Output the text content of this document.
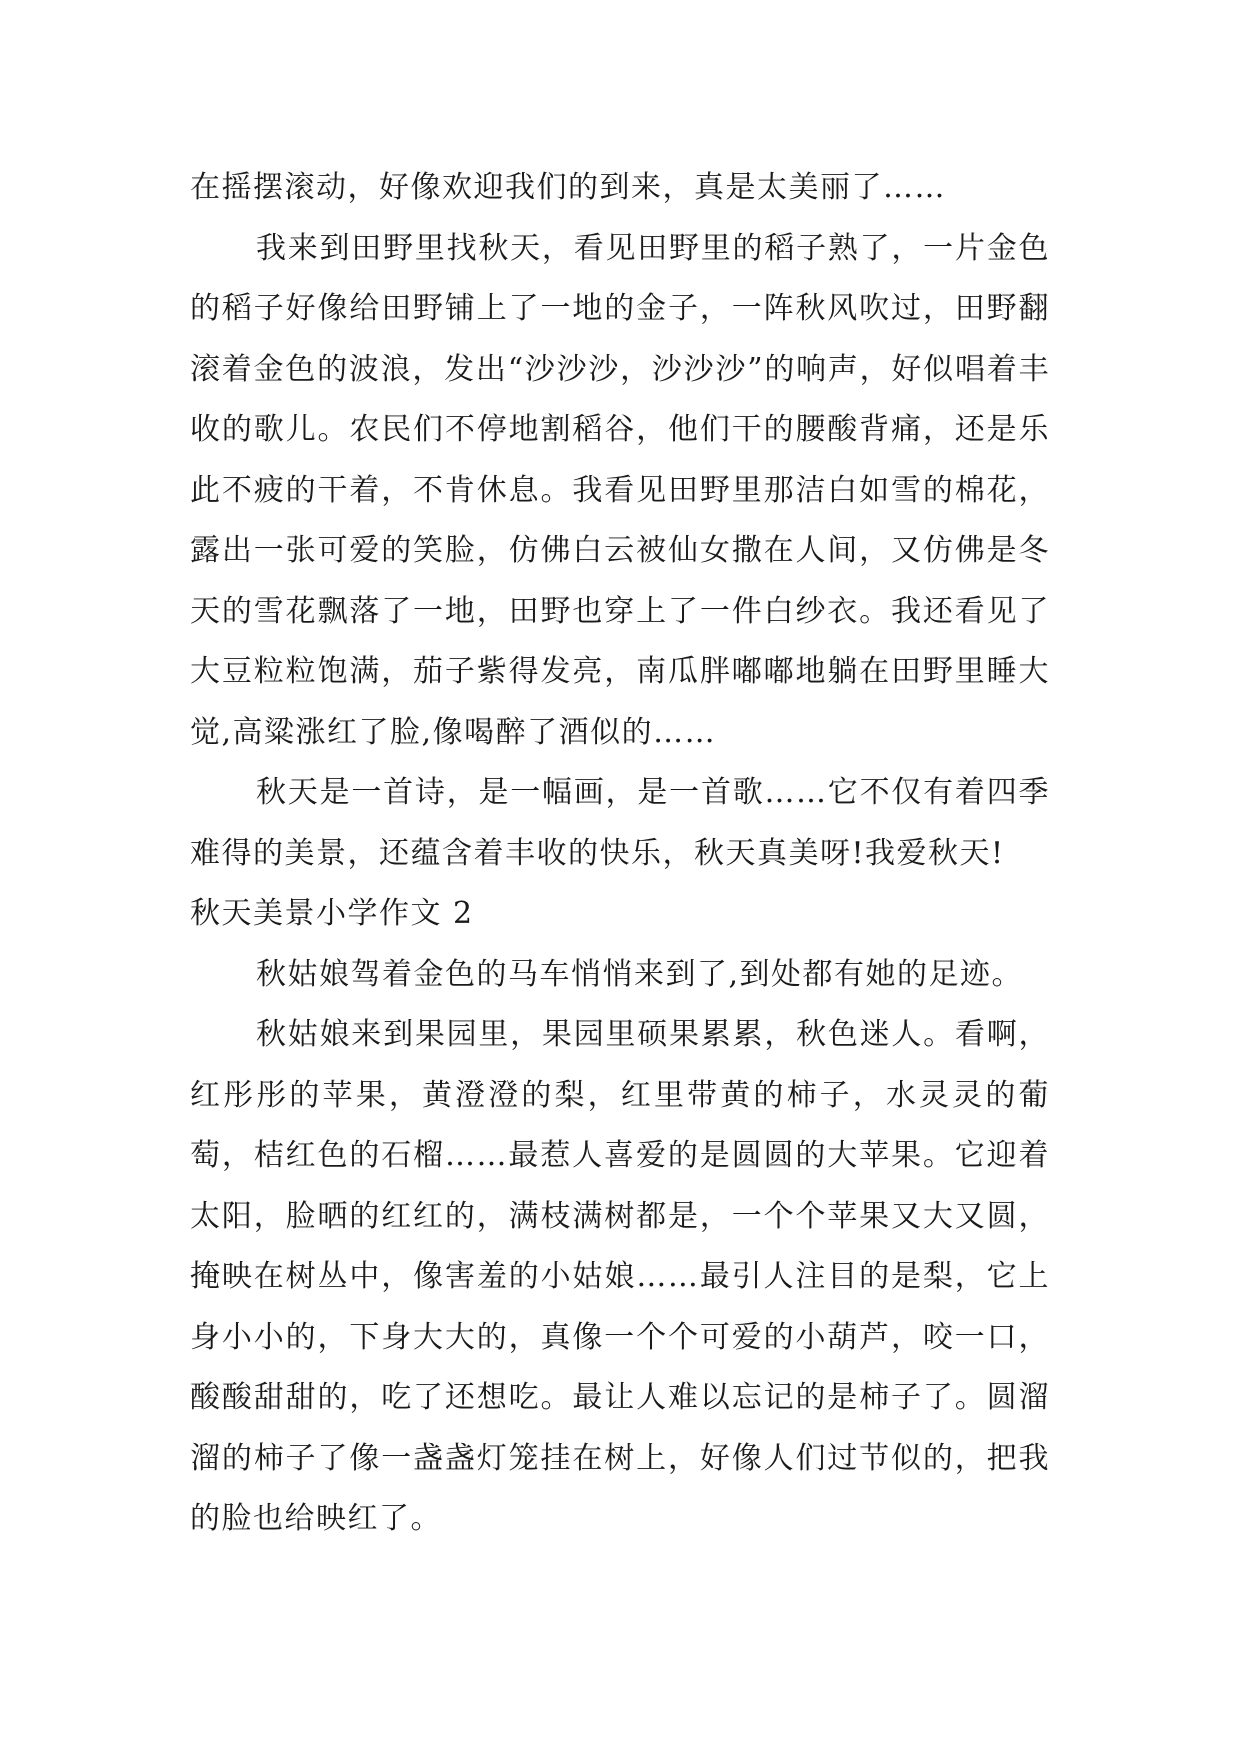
在摇摆滚动，好像欢迎我们的到来，真是太美丽了……

我来到田野里找秋天，看见田野里的稻子熟了，一片金色的稻子好像给田野铺上了一地的金子，一阵秋风吹过，田野翻滚着金色的波浪，发出“沙沙沙，沙沙沙”的响声，好似唱着丰收的歌儿。农民们不停地割稻谷，他们干的腰酸背痛，还是乐此不疲的干着，不肯休息。我看见田野里那洁白如雪的棉花，露出一张可爱的笑脸，仿佛白云被仙女撒在人间，又仿佛是冬天的雪花飘落了一地，田野也穿上了一件白纱衣。我还看见了大豆粒粒饱满，茄子紫得发亮，南瓜胖嘟嘟地躺在田野里睡大觉,高粱涨红了脸,像喝醉了酒似的……

秋天是一首诗，是一幅画，是一首歌……它不仅有着四季难得的美景，还蕴含着丰收的快乐，秋天真美呀!我爱秋天!

秋天美景小学作文 2

秋姑娘驾着金色的马车悄悄来到了,到处都有她的足迹。

秋姑娘来到果园里，果园里硕果累累，秋色迷人。看啊，红彤彤的苹果，黄澄澄的梨，红里带黄的柿子，水灵灵的葡萄，桔红色的石榴……最惹人喜爱的是圆圆的大苹果。它迎着太阳，脸晒的红红的，满枝满树都是，一个个苹果又大又圆，掩映在树丛中，像害羞的小姑娘……最引人注目的是梨，它上身小小的，下身大大的，真像一个个可爱的小葫芦，咬一口，酸酸甜甜的，吃了还想吃。最让人难以忘记的是柿子了。圆溜溜的柿子了像一盏盏灯笼挂在树上，好像人们过节似的，把我的脸也给映红了。
